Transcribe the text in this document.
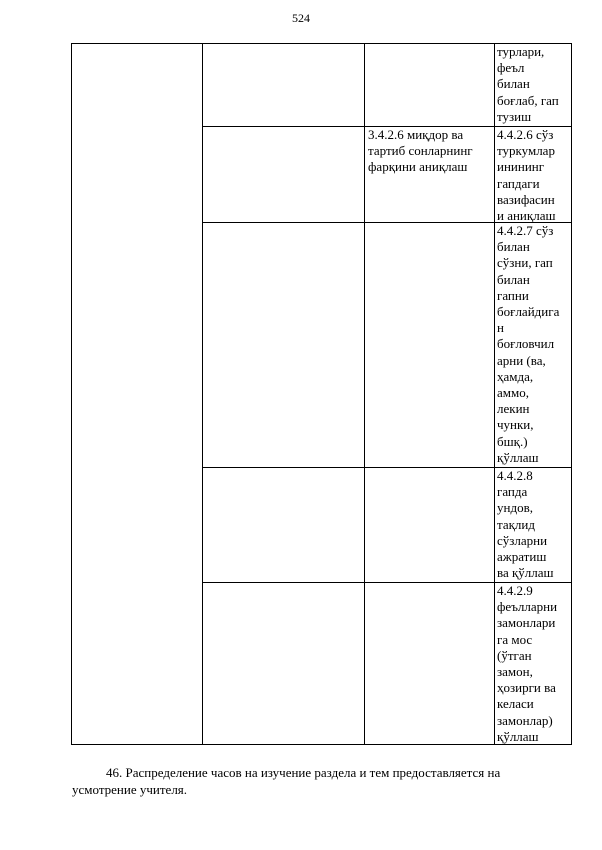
524
турлари,
феъл
билан
боғлаб, гап
тузиш
3.4.2.6 миқдор ва
тартиб сонларнинг
фарқини аниқлаш
4.4.2.6 сўз
туркумлар
инининг
гапдаги
вазифасин
и аниқлаш
4.4.2.7 сўз
билан
сўзни, гап
билан
гапни
боғлайдига
н
боғловчил
арни (ва,
ҳамда,
аммо,
лекин
чунки,
бшқ.)
қўллаш
4.4.2.8
гапда
ундов,
тақлид
сўзларни
ажратиш
ва қўллаш
4.4.2.9
феълларни
замонлари
га мос
(ўтган
замон,
ҳозирги ва
келаси
замонлар)
қўллаш
46. Распределение часов на изучение раздела и тем предоставляется на
усмотрение учителя.
